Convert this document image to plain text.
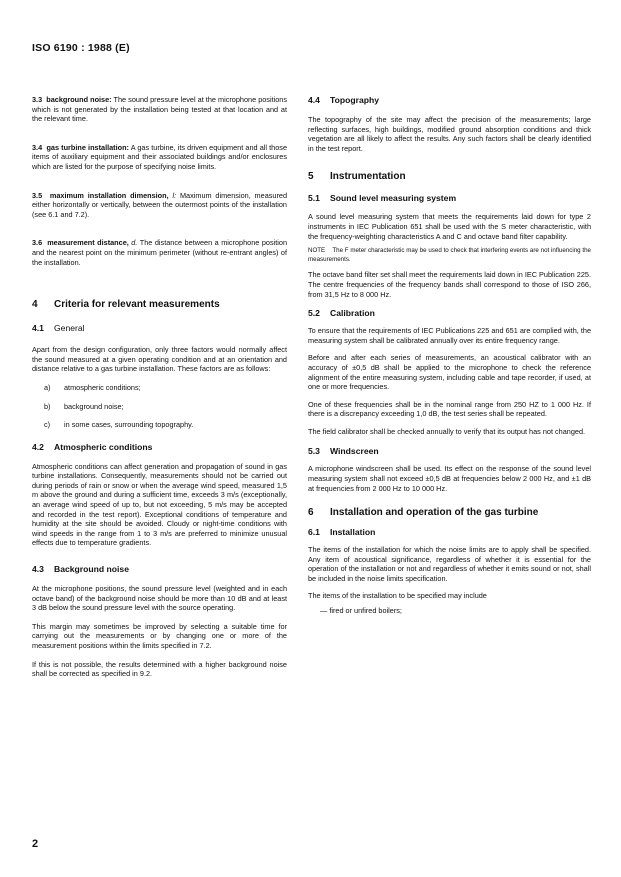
ISO 6190 : 1988 (E)

3.3 background noise: The sound pressure level at the microphone positions which is not generated by the installation being tested at that location and at the relevant time.

3.4 gas turbine installation: A gas turbine, its driven equipment and all those items of auxiliary equipment and their associated buildings and/or enclosures which are listed for the purpose of specifying noise limits.

3.5 maximum installation dimension, l: Maximum dimension, measured either horizontally or vertically, between the outermost points of the installation (see 6.1 and 7.2).

3.6 measurement distance, d. The distance between a microphone position and the nearest point on the minimum perimeter (without re-entrant angles) of the installation.

4 Criteria for relevant measurements
4.1 General

Apart from the design configuration, only three factors would normally affect the sound measured at a given operating condition and at an orientation and distance relative to a gas turbine installation. These factors are as follows:

a) atmospheric conditions;

b) background noise;

c) in some cases, surrounding topography.

4.2 Atmospheric conditions

Atmospheric conditions can affect generation and propagation of sound in gas turbine installations. Consequently, measurements should not be carried out during periods of rain or snow or when the average wind speed, measured 1,5 m above the ground and during a sufficient time, exceeds 3 m/s (exceptionally, an average wind speed of up to, but not exceeding, 5 m/s may be accepted and recorded in the test report). Exceptional conditions of temperature and humidity at the site should be avoided. Cloudy or night-time conditions with wind speeds in the range from 1 to 3 m/s are preferred to minimize unusual effects due to temperature gradients.

4.3 Background noise

At the microphone positions, the sound pressure level (weighted and in each octave band) of the background noise should be more than 10 dB and at least 3 dB below the sound pressure level with the source operating.

This margin may sometimes be improved by selecting a suitable time for carrying out the measurements or by changing one or more of the measurement positions within the limits specified in 7.2.

If this is not possible, the results determined with a higher background noise shall be corrected as specified in 9.2.

4.4 Topography

The topography of the site may affect the precision of the measurements; large reflecting surfaces, high buildings, modified ground absorption conditions and thick vegetation are all likely to affect the results. Any such factors shall be clearly identified in the test report.

5 Instrumentation
5.1 Sound level measuring system

A sound level measuring system that meets the requirements laid down for type 2 instruments in IEC Publication 651 shall be used with the S meter characteristic, with the frequency-weighting characteristics A and C and octave band filter capability.

NOTE The F meter characteristic may be used to check that interfering events are not influencing the measurements.

The octave band filter set shall meet the requirements laid down in IEC Publication 225. The centre frequencies of the frequency bands shall correspond to those of ISO 266, from 31,5 Hz to 8 000 Hz.

5.2 Calibration

To ensure that the requirements of IEC Publications 225 and 651 are complied with, the measuring system shall be calibrated annually over its entire frequency range.

Before and after each series of measurements, an acoustical calibrator with an accuracy of ±0,5 dB shall be applied to the microphone to check the reference alignment of the entire measuring system, including cable and tape recorder, if used, at one or more frequencies.

One of these frequencies shall be in the nominal range from 250 HZ to 1 000 Hz. If there is a discrepancy exceeding 1,0 dB, the test series shall be repeated.

The field calibrator shall be checked annually to verify that its output has not changed.

5.3 Windscreen

A microphone windscreen shall be used. Its effect on the response of the sound level measuring system shall not exceed ±0,5 dB at frequencies below 2 000 Hz, and ±1 dB at frequencies from 2 000 Hz to 10 000 Hz.

6 Installation and operation of the gas turbine
6.1 Installation

The items of the installation for which the noise limits are to apply shall be specified. Any item of acoustical significance, regardless of whether it is essential for the operation of the installation or not and regardless of whether it emits sound or not, shall be included in the noise limits specification.

The items of the installation to be specified may include

— fired or unfired boilers;

2
